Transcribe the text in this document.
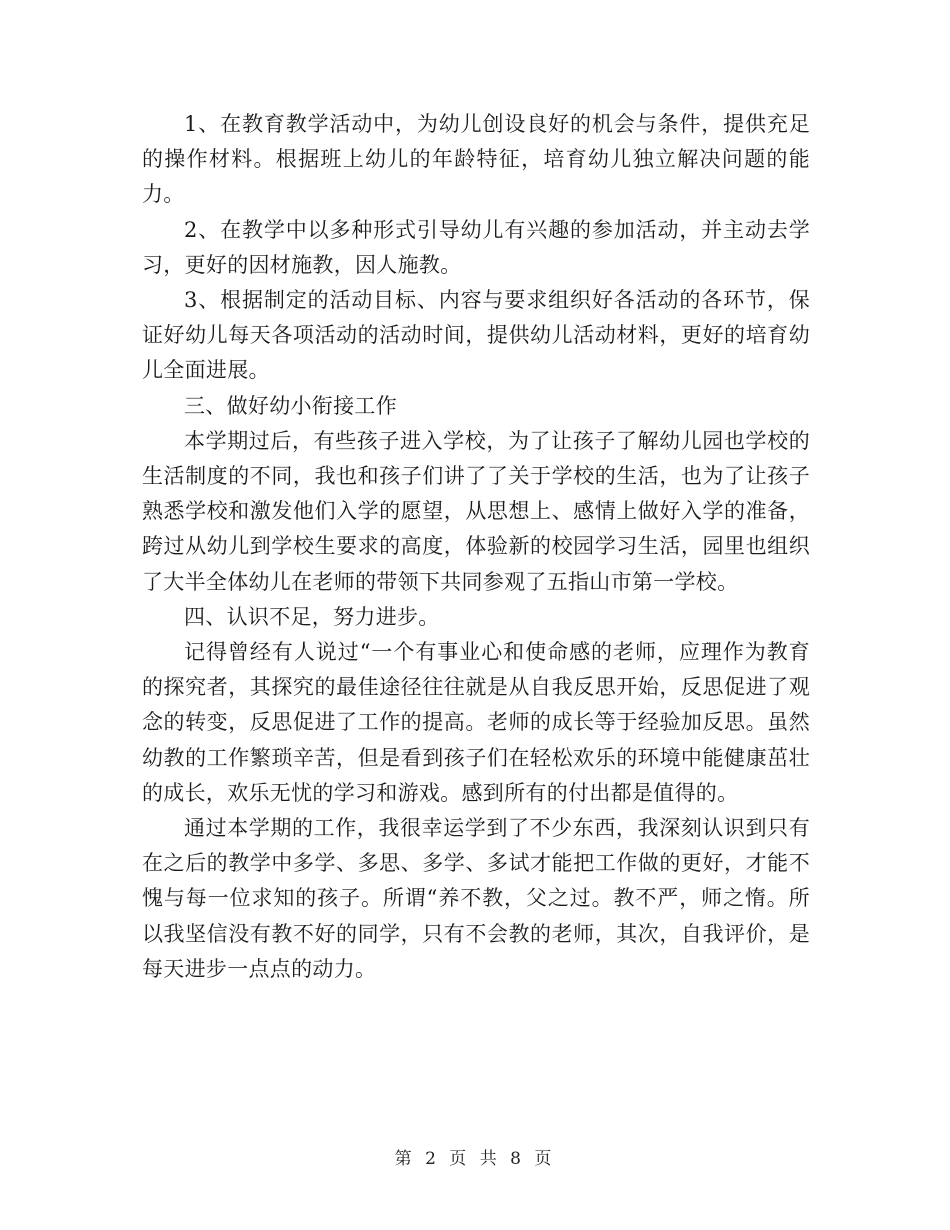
1、在教育教学活动中，为幼儿创设良好的机会与条件，提供充足的操作材料。根据班上幼儿的年龄特征，培育幼儿独立解决问题的能力。

2、在教学中以多种形式引导幼儿有兴趣的参加活动，并主动去学习，更好的因材施教，因人施教。

3、根据制定的活动目标、内容与要求组织好各活动的各环节，保证好幼儿每天各项活动的活动时间，提供幼儿活动材料，更好的培育幼儿全面进展。

三、做好幼小衔接工作

本学期过后，有些孩子进入学校，为了让孩子了解幼儿园也学校的生活制度的不同，我也和孩子们讲了了关于学校的生活，也为了让孩子熟悉学校和激发他们入学的愿望，从思想上、感情上做好入学的准备，跨过从幼儿到学校生要求的高度，体验新的校园学习生活，园里也组织了大半全体幼儿在老师的带领下共同参观了五指山市第一学校。

四、认识不足，努力进步。

记得曾经有人说过“一个有事业心和使命感的老师，应理作为教育的探究者，其探究的最佳途径往往就是从自我反思开始，反思促进了观念的转变，反思促进了工作的提高。老师的成长等于经验加反思。虽然幼教的工作繁琐辛苦，但是看到孩子们在轻松欢乐的环境中能健康茁壮的成长，欢乐无忧的学习和游戏。感到所有的付出都是值得的。

通过本学期的工作，我很幸运学到了不少东西，我深刻认识到只有在之后的教学中多学、多思、多学、多试才能把工作做的更好，才能不愧与每一位求知的孩子。所谓“养不教，父之过。教不严，师之惰。所以我坚信没有教不好的同学，只有不会教的老师，其次，自我评价，是每天进步一点点的动力。

第 2 页 共 8 页
